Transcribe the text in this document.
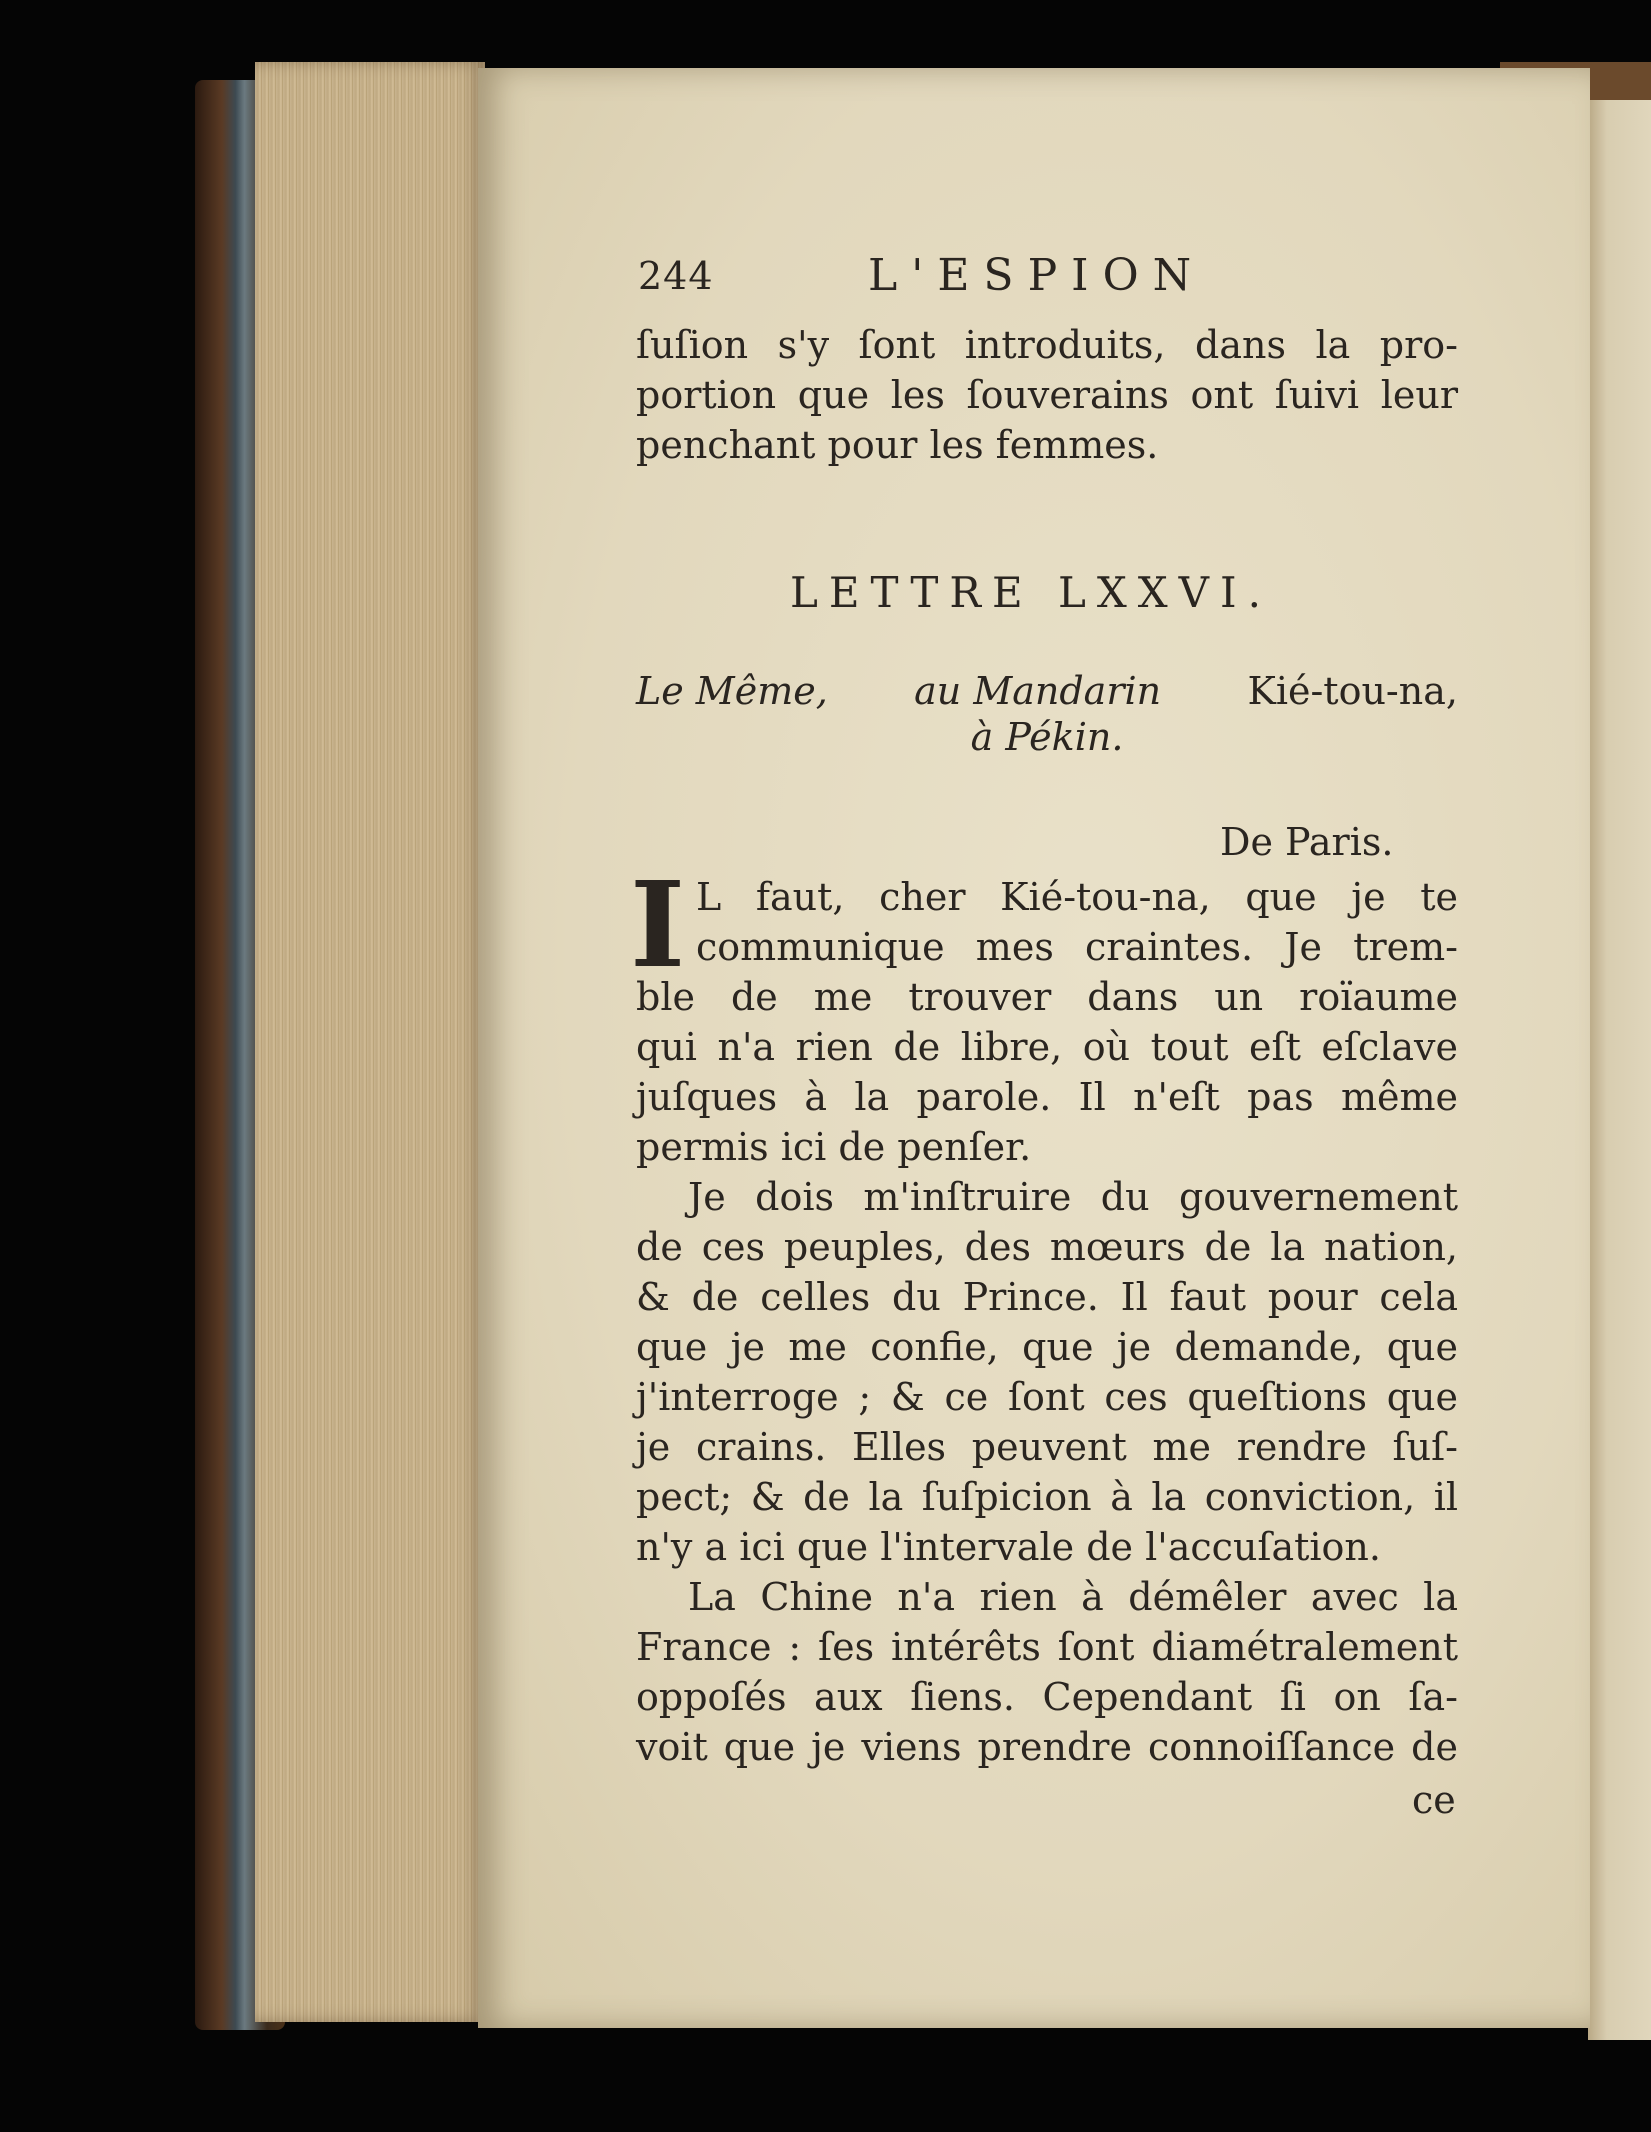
244	L'ESPION
ſuſion s'y ſont introduits, dans la pro-
portion que les ſouverains ont ſuivi leur
penchant pour les femmes.
LETTRE LXXVI.
Le Même, au Mandarin Kié-tou-na,
à Pékin.
De Paris.
I L faut, cher Kié-tou-na, que je te
communique mes craintes. Je trem-
ble de me trouver dans un roïaume
qui n'a rien de libre, où tout eſt eſclave
juſques à la parole. Il n'eſt pas même
permis ici de penſer.
Je dois m'inſtruire du gouvernement
de ces peuples, des mœurs de la nation,
& de celles du Prince. Il faut pour cela
que je me confie, que je demande, que
j'interroge ; & ce ſont ces queſtions que
je crains. Elles peuvent me rendre ſuſ-
pect; & de la ſuſpicion à la conviction, il
n'y a ici que l'intervale de l'accuſation.
La Chine n'a rien à démêler avec la
France : ſes intérêts ſont diamétralement
oppoſés aux ſiens. Cependant ſi on ſa-
voit que je viens prendre connoiſſance de
ce
